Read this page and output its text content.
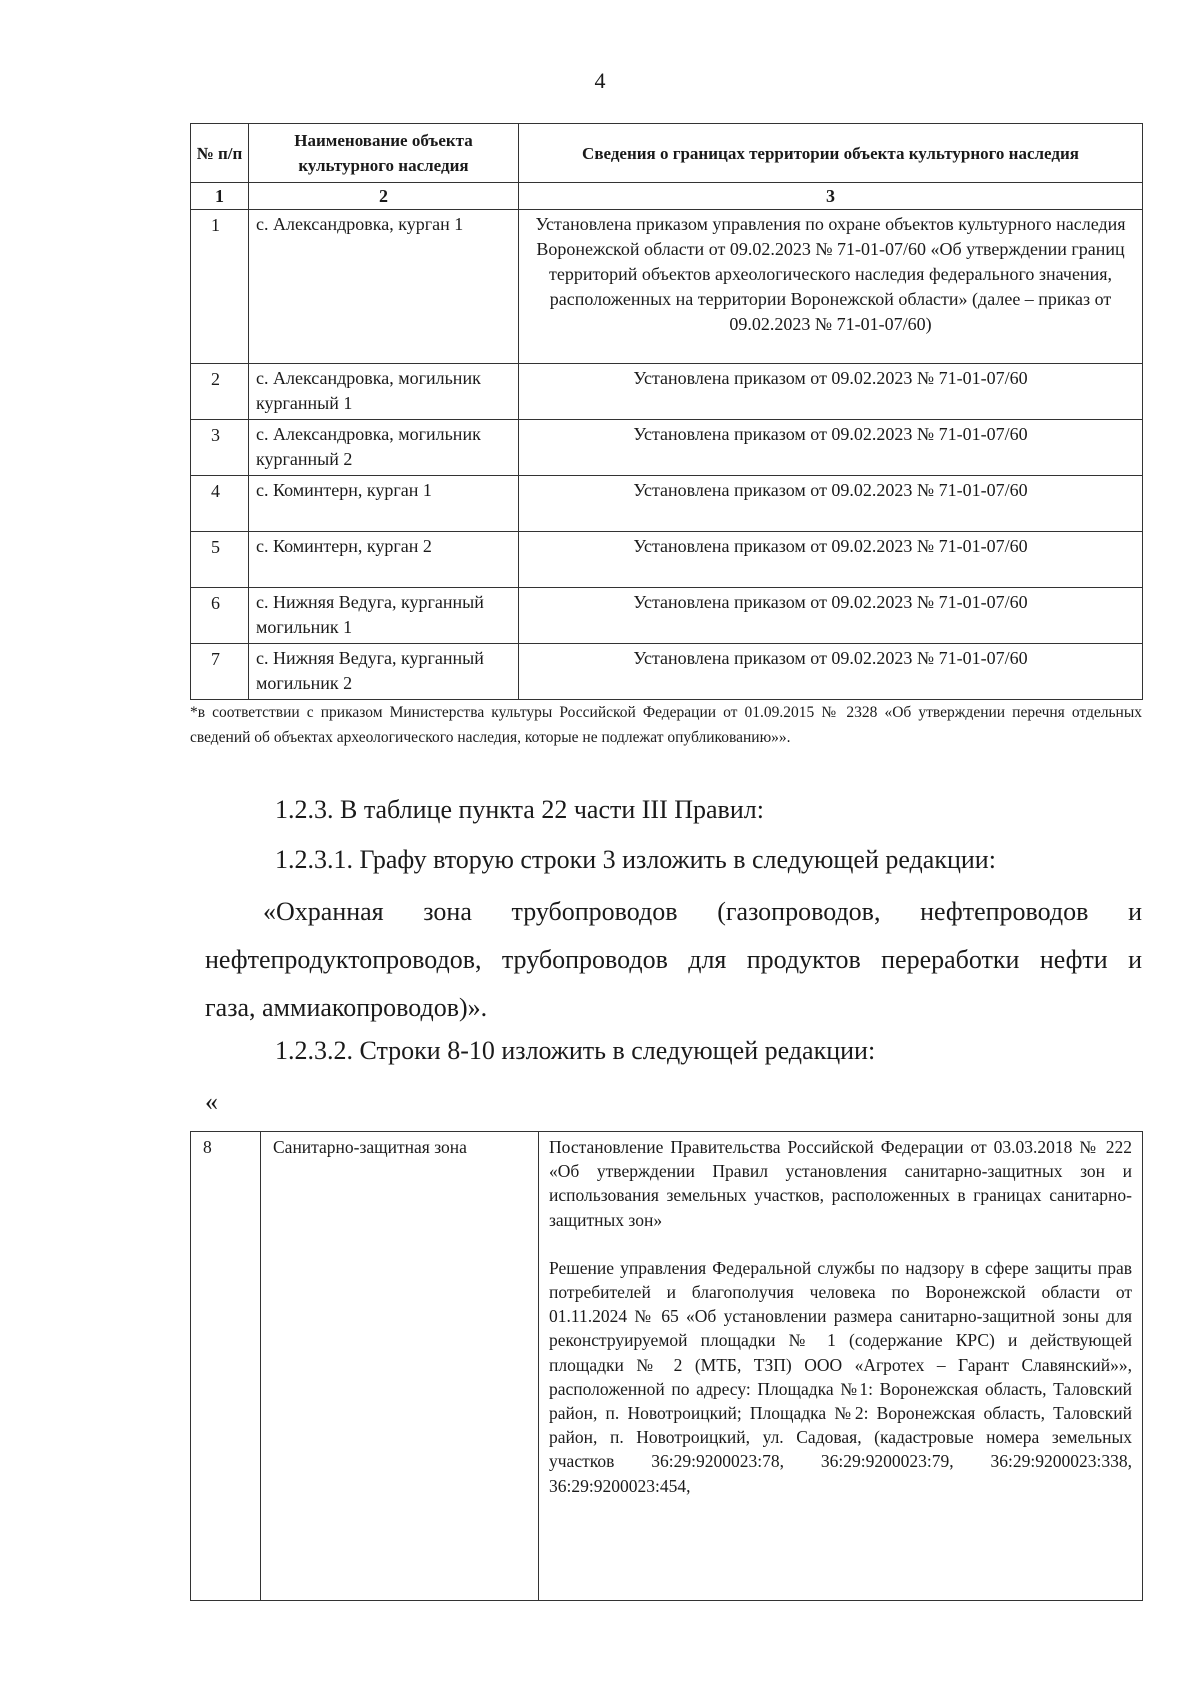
4
№ п/п	Наименование объекта культурного наследия	Сведения о границах территории объекта культурного наследия
1	2	3
1	с. Александровка, курган 1	Установлена приказом управления по охране объектов культурного наследия Воронежской области от 09.02.2023 № 71-01-07/60 «Об утверждении границ территорий объектов археологического наследия федерального значения, расположенных на территории Воронежской области» (далее – приказ от 09.02.2023 № 71-01-07/60)
2	с. Александровка, могильник курганный 1	Установлена приказом от 09.02.2023 № 71-01-07/60
3	с. Александровка, могильник курганный 2	Установлена приказом от 09.02.2023 № 71-01-07/60
4	с. Коминтерн, курган 1	Установлена приказом от 09.02.2023 № 71-01-07/60
5	с. Коминтерн, курган 2	Установлена приказом от 09.02.2023 № 71-01-07/60
6	с. Нижняя Ведуга, курганный могильник 1	Установлена приказом от 09.02.2023 № 71-01-07/60
7	с. Нижняя Ведуга, курганный могильник 2	Установлена приказом от 09.02.2023 № 71-01-07/60
*в соответствии с приказом Министерства культуры Российской Федерации от 01.09.2015 № 2328 «Об утверждении перечня отдельных сведений об объектах археологического наследия, которые не подлежат опубликованию»».
1.2.3. В таблице пункта 22 части III Правил:
1.2.3.1. Графу вторую строки 3 изложить в следующей редакции:
«Охранная зона трубопроводов (газопроводов, нефтепроводов и
нефтепродуктопроводов, трубопроводов для продуктов переработки нефти и
газа, аммиакопроводов)».
1.2.3.2. Строки 8-10 изложить в следующей редакции:
«
8	Санитарно-защитная зона	Постановление Правительства Российской Федерации от 03.03.2018 № 222 «Об утверждении Правил установления санитарно-защитных зон и использования земельных участков, расположенных в границах санитарно-защитных зон»

Решение управления Федеральной службы по надзору в сфере защиты прав потребителей и благополучия человека по Воронежской области от 01.11.2024 № 65 «Об установлении размера санитарно-защитной зоны для реконструируемой площадки № 1 (содержание КРС) и действующей площадки № 2 (МТБ, ТЗП) ООО «Агротех – Гарант Славянский»», расположенной по адресу: Площадка №1: Воронежская область, Таловский район, п. Новотроицкий; Площадка №2: Воронежская область, Таловский район, п. Новотроицкий, ул. Садовая, (кадастровые номера земельных участков 36:29:9200023:78, 36:29:9200023:79, 36:29:9200023:338, 36:29:9200023:454,
